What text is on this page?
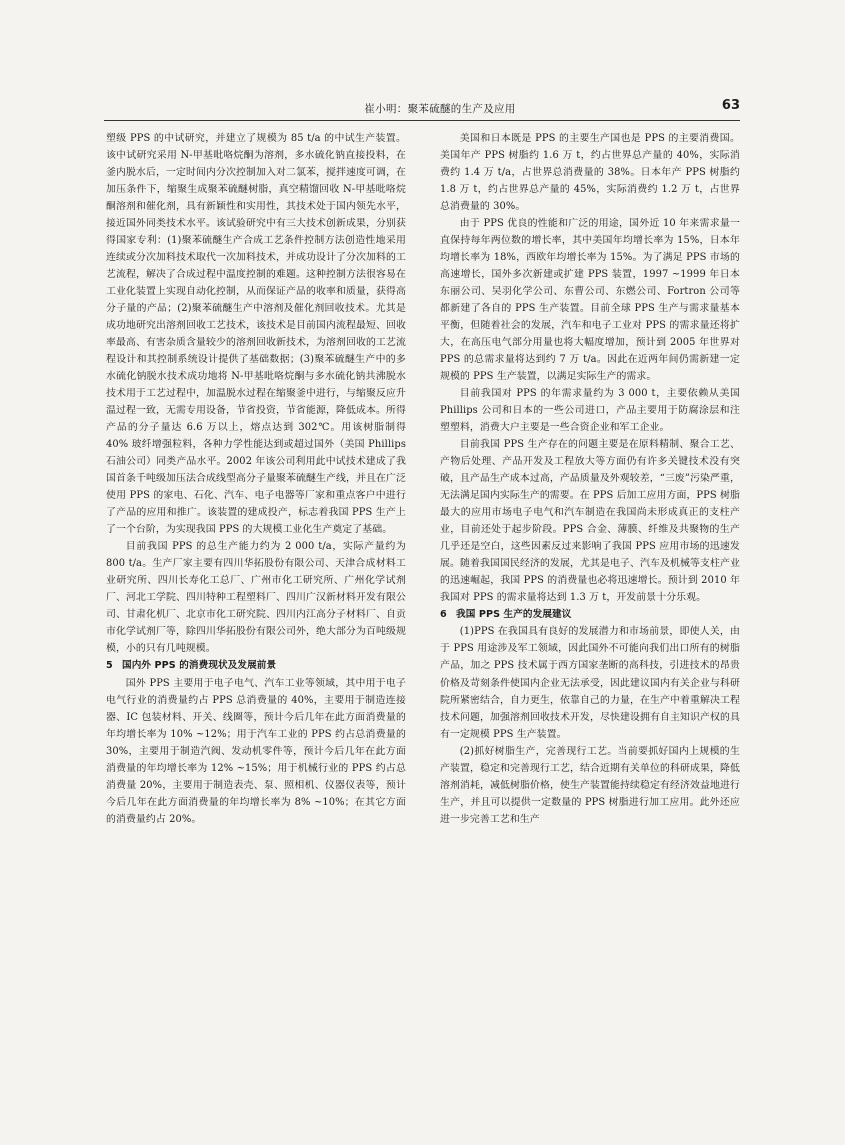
崔小明：聚苯硫醚的生产及应用	63

塑级 PPS 的中试研究，并建立了规模为 85 t/a 的中试生产装置。该中试研究采用 N-甲基吡咯烷酮为溶剂，多水硫化钠直接投料，在釜内脱水后，一定时间内分次控制加入对二氯苯，搅拌速度可调，在加压条件下，缩聚生成聚苯硫醚树脂，真空精馏回收 N-甲基吡咯烷酮溶剂和催化剂，具有新颖性和实用性，其技术处于国内领先水平，接近国外同类技术水平。该试验研究中有三大技术创新成果，分别获得国家专利：(1)聚苯硫醚生产合成工艺条件控制方法创造性地采用连续或分次加料技术取代一次加料技术，并成功设计了分次加料的工艺流程，解决了合成过程中温度控制的难题。这种控制方法很容易在工业化装置上实现自动化控制，从而保证产品的收率和质量，获得高分子量的产品；(2)聚苯硫醚生产中溶剂及催化剂回收技术。尤其是成功地研究出溶剂回收工艺技术，该技术是目前国内流程最短、回收率最高、有害杂质含量较少的溶剂回收新技术，为溶剂回收的工艺流程设计和其控制系统设计提供了基础数据；(3)聚苯硫醚生产中的多水硫化钠脱水技术成功地将 N-甲基吡咯烷酮与多水硫化钠共沸脱水技术用于工艺过程中，加温脱水过程在缩聚釜中进行，与缩聚反应升温过程一致，无需专用设备，节省投资，节省能源，降低成本。所得产品的分子量达 6.6 万以上，熔点达到 302℃。用该树脂制得 40% 玻纤增强粒料，各种力学性能达到或超过国外（美国 Phillips 石油公司）同类产品水平。2002 年该公司利用此中试技术建成了我国首条千吨级加压法合成线型高分子量聚苯硫醚生产线，并且在广泛使用 PPS 的家电、石化、汽车、电子电器等厂家和重点客户中进行了产品的应用和推广。该装置的建成投产，标志着我国 PPS 生产上了一个台阶，为实现我国 PPS 的大规模工业化生产奠定了基础。

目前我国 PPS 的总生产能力约为 2 000 t/a，实际产量约为 800 t/a。生产厂家主要有四川华拓股份有限公司、天津合成材料工业研究所、四川长寿化工总厂、广州市化工研究所、广州化学试剂厂、河北工学院、四川特种工程塑料厂、四川广汉新材料开发有限公司、甘肃化机厂、北京市化工研究院、四川内江高分子材料厂、自贡市化学试剂厂等，除四川华拓股份有限公司外，绝大部分为百吨级规模，小的只有几吨规模。

5 国内外 PPS 的消费现状及发展前景

国外 PPS 主要用于电子电气、汽车工业等领域，其中用于电子电气行业的消费量约占 PPS 总消费量的 40%，主要用于制造连接器、IC 包装材料、开关、线圈等，预计今后几年在此方面消费量的年均增长率为 10% ~12%；用于汽车工业的 PPS 约占总消费量的 30%，主要用于制造汽阀、发动机零件等，预计今后几年在此方面消费量的年均增长率为 12% ~15%；用于机械行业的 PPS 约占总消费量 20%，主要用于制造表壳、泵、照相机、仪器仪表等，预计今后几年在此方面消费量的年均增长率为 8% ~10%；在其它方面的消费量约占 20%。

美国和日本既是 PPS 的主要生产国也是 PPS 的主要消费国。美国年产 PPS 树脂约 1.6 万 t，约占世界总产量的 40%，实际消费约 1.4 万 t/a，占世界总消费量的 38%。日本年产 PPS 树脂约 1.8 万 t，约占世界总产量的 45%，实际消费约 1.2 万 t，占世界总消费量的 30%。

由于 PPS 优良的性能和广泛的用途，国外近 10 年来需求量一直保持每年两位数的增长率，其中美国年均增长率为 15%，日本年均增长率为 18%，西欧年均增长率为 15%。为了满足 PPS 市场的高速增长，国外多次新建或扩建 PPS 装置，1997 ~1999 年日本东丽公司、吴羽化学公司、东曹公司、东燃公司、Fortron 公司等都新建了各自的 PPS 生产装置。目前全球 PPS 生产与需求量基本平衡，但随着社会的发展，汽车和电子工业对 PPS 的需求量还将扩大，在高压电气部分用量也将大幅度增加，预计到 2005 年世界对 PPS 的总需求量将达到约 7 万 t/a。因此在近两年间仍需新建一定规模的 PPS 生产装置，以满足实际生产的需求。

目前我国对 PPS 的年需求量约为 3 000 t，主要依赖从美国 Phillips 公司和日本的一些公司进口，产品主要用于防腐涂层和注塑塑料，消费大户主要是一些合资企业和军工企业。

目前我国 PPS 生产存在的问题主要是在原料精制、聚合工艺、产物后处理、产品开发及工程放大等方面仍有许多关键技术没有突破，且产品生产成本过高，产品质量及外观较差，“三废”污染严重，无法满足国内实际生产的需要。在 PPS 后加工应用方面，PPS 树脂最大的应用市场电子电气和汽车制造在我国尚未形成真正的支柱产业，目前还处于起步阶段。PPS 合金、薄膜、纤维及共聚物的生产几乎还是空白，这些因素反过来影响了我国 PPS 应用市场的迅速发展。随着我国国民经济的发展，尤其是电子、汽车及机械等支柱产业的迅速崛起，我国 PPS 的消费量也必将迅速增长。预计到 2010 年我国对 PPS 的需求量将达到 1.3 万 t，开发前景十分乐观。

6 我国 PPS 生产的发展建议

(1)PPS 在我国具有良好的发展潜力和市场前景，即使人关，由于 PPS 用途涉及军工领域，因此国外不可能向我们出口所有的树脂产品，加之 PPS 技术属于西方国家垄断的高科技，引进技术的昂贵价格及苛刻条件使国内企业无法承受，因此建议国内有关企业与科研院所紧密结合，自力更生，依靠自己的力量，在生产中着重解决工程技术问题，加强溶剂回收技术开发，尽快建设拥有自主知识产权的具有一定规模 PPS 生产装置。

(2)抓好树脂生产，完善现行工艺。当前要抓好国内上规模的生产装置，稳定和完善现行工艺，结合近期有关单位的科研成果，降低溶剂消耗，减低树脂价格，使生产装置能持续稳定有经济效益地进行生产，并且可以提供一定数量的 PPS 树脂进行加工应用。此外还应进一步完善工艺和生产
